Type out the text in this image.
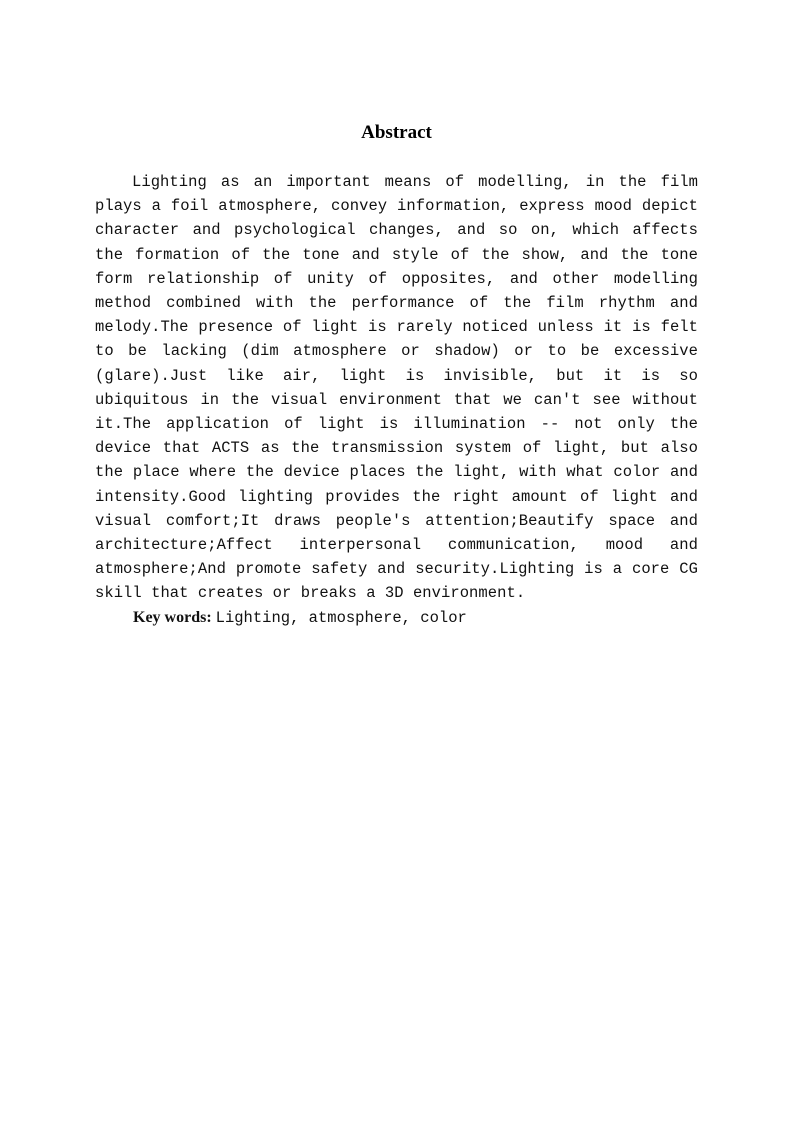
Abstract

Lighting as an important means of modelling, in the film plays a foil atmosphere, convey information, express mood depict character and psychological changes, and so on, which affects the formation of the tone and style of the show, and the tone form relationship of unity of opposites, and other modelling method combined with the performance of the film rhythm and melody.The presence of light is rarely noticed unless it is felt to be lacking (dim atmosphere or shadow) or to be excessive (glare).Just like air, light is invisible, but it is so ubiquitous in the visual environment that we can't see without it.The application of light is illumination -- not only the device that ACTS as the transmission system of light, but also the place where the device places the light, with what color and intensity.Good lighting provides the right amount of light and visual comfort;It draws people's attention;Beautify space and architecture;Affect interpersonal communication, mood and atmosphere;And promote safety and security.Lighting is a core CG skill that creates or breaks a 3D environment.

Key words: Lighting, atmosphere, color
